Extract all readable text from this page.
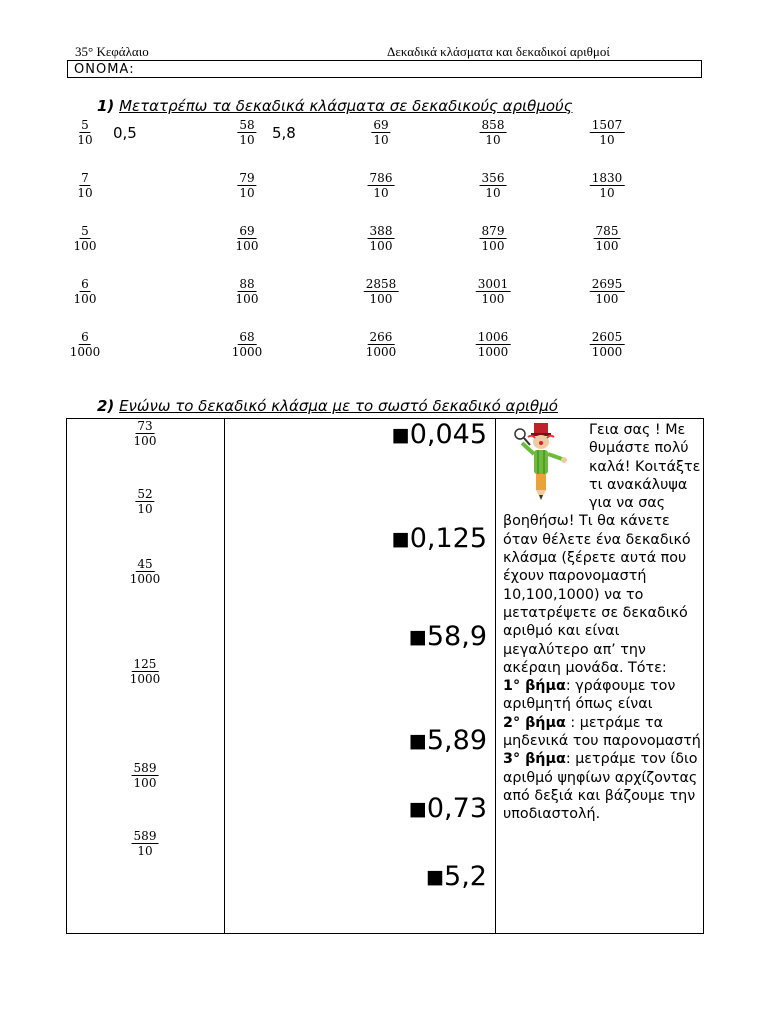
35° Κεφάλαιο	Δεκαδικά κλάσματα και δεκαδικοί αριθμοί
ΟΝΟΜΑ:
1) Μετατρέπω τα δεκαδικά κλάσματα σε δεκαδικούς αριθμούς
$\frac{5}{10} 0,5$	$\frac{58}{10} 5,8$	$\frac{69}{10}$	$\frac{858}{10}$	$\frac{1507}{10}$
$\frac{7}{10}$	$\frac{79}{10}$	$\frac{786}{10}$	$\frac{356}{10}$	$\frac{1830}{10}$
$\frac{5}{100}$	$\frac{69}{100}$	$\frac{388}{100}$	$\frac{879}{100}$	$\frac{785}{100}$
$\frac{6}{100}$	$\frac{88}{100}$	$\frac{2858}{100}$	$\frac{3001}{100}$	$\frac{2695}{100}$
$\frac{6}{1000}$	$\frac{68}{1000}$	$\frac{266}{1000}$	$\frac{1006}{1000}$	$\frac{2605}{1000}$
2) Ενώνω το δεκαδικό κλάσμα με το σωστό δεκαδικό αριθμό
$\frac{73}{100}$
$\frac{52}{10}$
$\frac{45}{1000}$
$\frac{125}{1000}$
$\frac{589}{100}$
$\frac{589}{10}$

■0,045
■0,125
■58,9
■5,89
■0,73
■5,2

Γεια σας ! Με θυμάστε πολύ καλά! Κοιτάξτε τι ανακάλυψα για να σας βοηθήσω! Τι θα κάνετε όταν θέλετε ένα δεκαδικό κλάσμα (ξέρετε αυτά που έχουν παρονομαστή 10,100,1000) να το μετατρέψετε σε δεκαδικό αριθμό και είναι μεγαλύτερο απ’ την ακέραιη μονάδα. Τότε:
1° βήμα: γράφουμε τον αριθμητή όπως είναι
2° βήμα : μετράμε τα μηδενικά του παρονομαστή
3° βήμα: μετράμε τον ίδιο αριθμό ψηφίων αρχίζοντας από δεξιά και βάζουμε την υποδιαστολή.
